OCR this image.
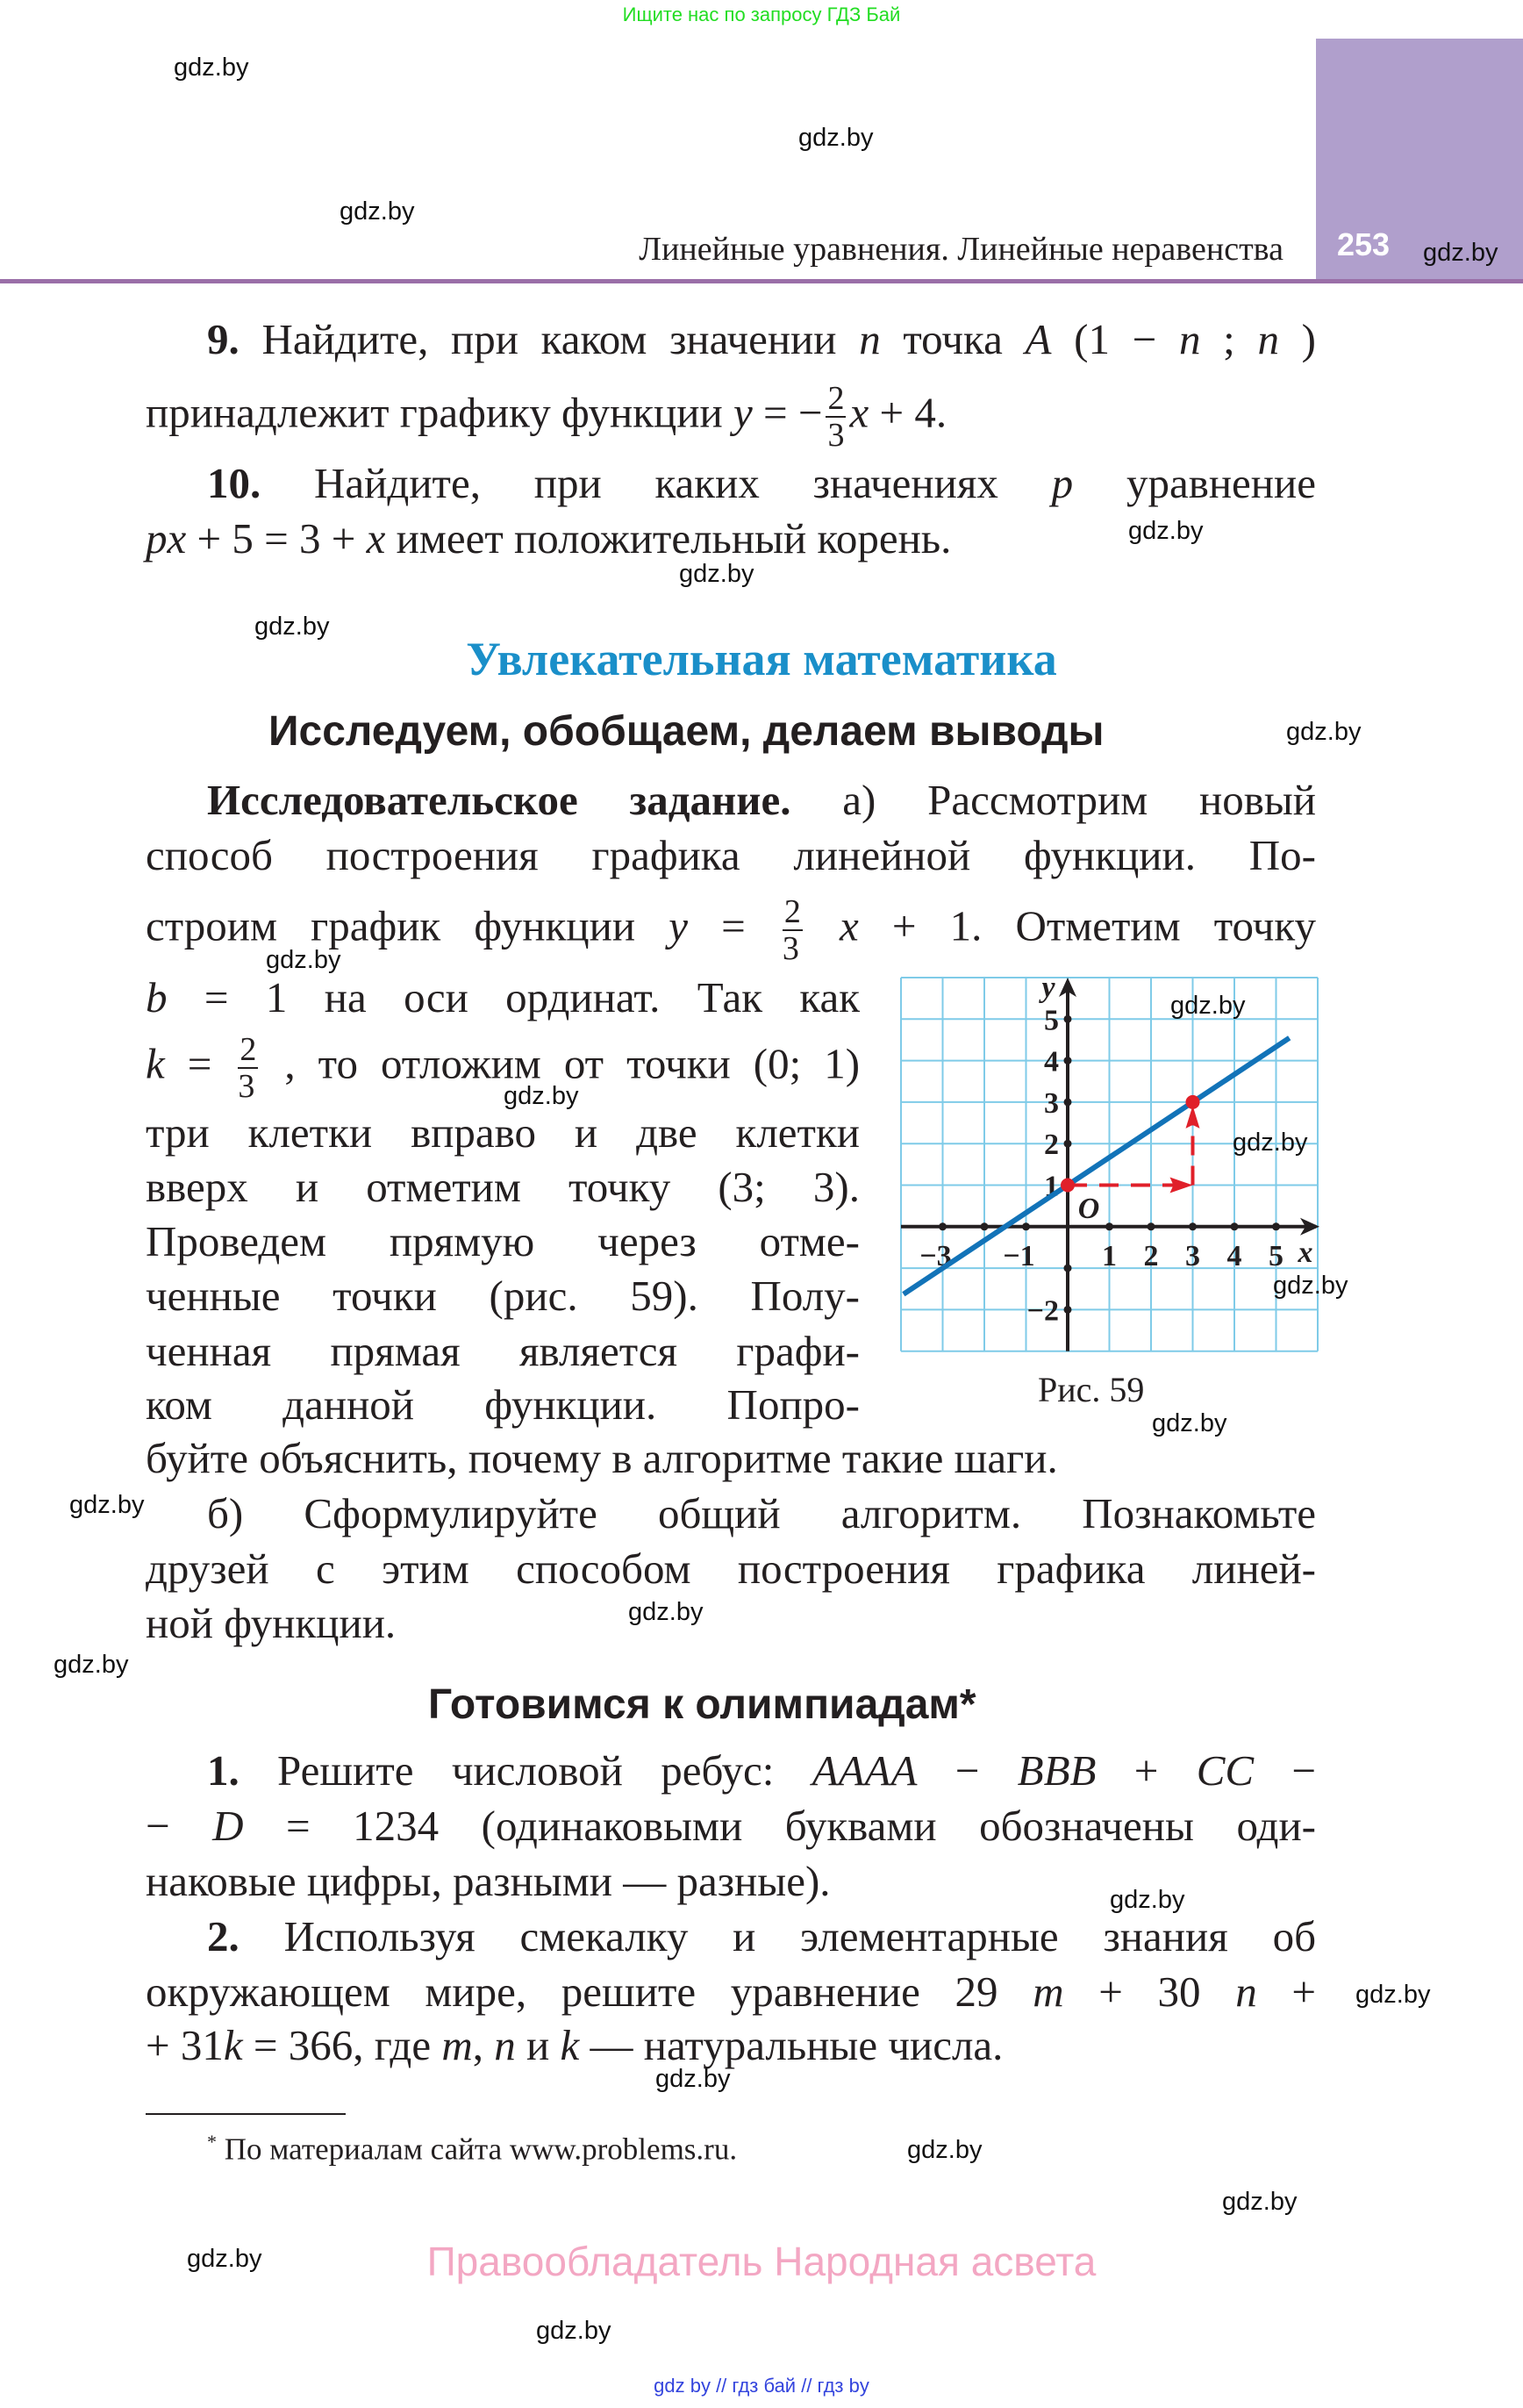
Ищите нас по запросу ГДЗ Бай
Линейные уравнения. Линейные неравенства 253
Увлекательная математика
Исследуем, обобщаем, делаем выводы
Готовимся к олимпиадам*
9. Найдите, при каком значении n точка A (1 − n ; n )
принадлежит графику функции y = − $\frac{2}{3}$ x + 4.
10. Найдите, при каких значениях p уравнение
px + 5 = 3 + x имеет положительный корень.
Исследовательское задание. а) Рассмотрим новый
способ построения графика линейной функции. По-
строим график функции $y = \frac{2}{3}$ x + 1. Отметим точку
b = 1 на оси ординат. Так как
$k = \frac{2}{3}$ , то отложим от точки (0; 1)
три клетки вправо и две клетки
вверх и отметим точку (3; 3).
Проведем прямую через отме-
ченные точки (рис. 59). Полу-
ченная прямая является графи-
ком данной функции. Попро-
буйте объяснить, почему в алгоритме такие шаги.
б) Сформулируйте общий алгоритм. Познакомьте
друзей с этим способом построения графика линей-
ной функции.
1. Решите числовой ребус: AAAA − BBB + CC −
− D = 1234 (одинаковыми буквами обозначены оди-
наковые цифры, разными — разные).
2. Используя смекалку и элементарные знания об
окружающем мире, решите уравнение 29 m + 30 n +
+ 31k = 366, где m, n и k — натуральные числа.
−3 −1 1 2 3 4 5
5
4
3
2
1
−2
x
y
O
Рис. 59
* По материалам сайта www.problems.ru.
Правообладатель Народная асвета
gdz by // гдз бай // гдз by
gdz.by
gdz.by
gdz.by
gdz.by
gdz.by
gdz.by
gdz.by
gdz.by
gdz.by
gdz.by
gdz.by
gdz.by
gdz.by
gdz.by
gdz.by
gdz.by
gdz.by
gdz.by
gdz.by
gdz.by
gdz.by
gdz.by
gdz.by
gdz.by
